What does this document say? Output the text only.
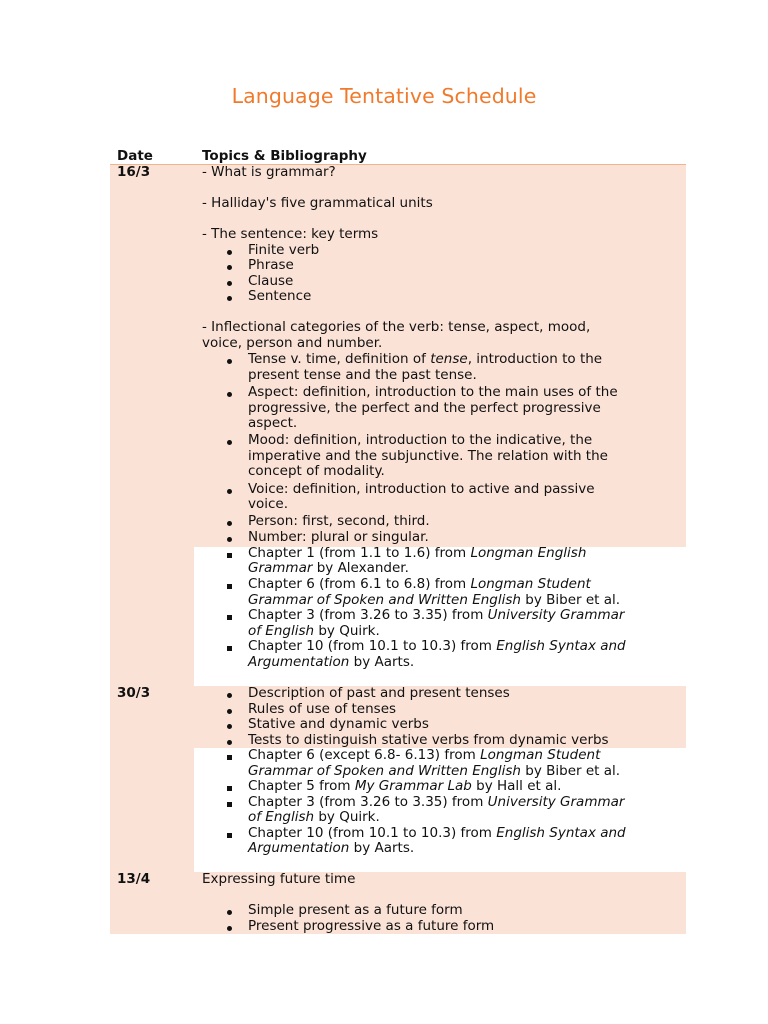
Language Tentative Schedule
Date	Topics & Bibliography
16/3	- What is grammar?
- Halliday's five grammatical units
- The sentence: key terms
Finite verb
Phrase
Clause
Sentence
- Inflectional categories of the verb: tense, aspect, mood,
voice, person and number.
Tense v. time, definition of tense, introduction to the
present tense and the past tense.
Aspect: definition, introduction to the main uses of the
progressive, the perfect and the perfect progressive
aspect.
Mood: definition, introduction to the indicative, the
imperative and the subjunctive. The relation with the
concept of modality.
Voice: definition, introduction to active and passive
voice.
Person: first, second, third.
Number: plural or singular.
Chapter 1 (from 1.1 to 1.6) from Longman English
Grammar by Alexander.
Chapter 6 (from 6.1 to 6.8) from Longman Student
Grammar of Spoken and Written English by Biber et al.
Chapter 3 (from 3.26 to 3.35) from University Grammar
of English by Quirk.
Chapter 10 (from 10.1 to 10.3) from English Syntax and
Argumentation by Aarts.
30/3	Description of past and present tenses
Rules of use of tenses
Stative and dynamic verbs
Tests to distinguish stative verbs from dynamic verbs
Chapter 6 (except 6.8- 6.13) from Longman Student
Grammar of Spoken and Written English by Biber et al.
Chapter 5 from My Grammar Lab by Hall et al.
Chapter 3 (from 3.26 to 3.35) from University Grammar
of English by Quirk.
Chapter 10 (from 10.1 to 10.3) from English Syntax and
Argumentation by Aarts.
13/4	Expressing future time
Simple present as a future form
Present progressive as a future form
